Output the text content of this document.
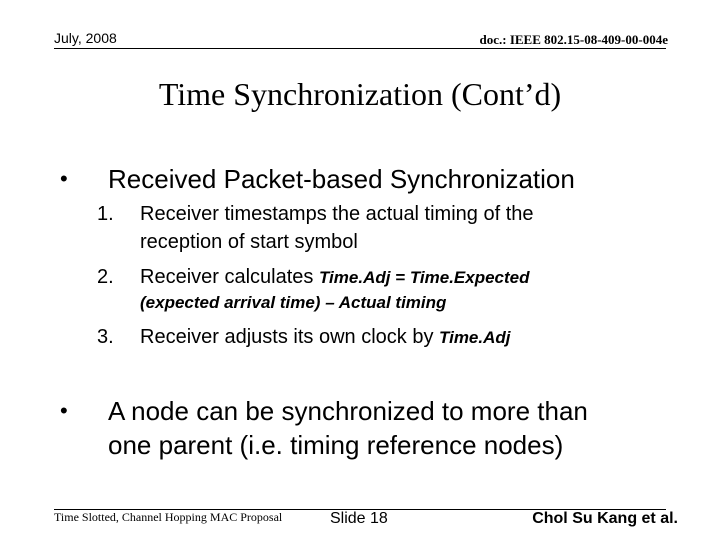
July, 2008	doc.: IEEE 802.15-08-409-00-004e
Time Synchronization (Cont’d)
• Received Packet-based Synchronization
1. Receiver timestamps the actual timing of the
reception of start symbol
2. Receiver calculates Time.Adj = Time.Expected
(expected arrival time) – Actual timing
3. Receiver adjusts its own clock by Time.Adj
• A node can be synchronized to more than
one parent (i.e. timing reference nodes)
Time Slotted, Channel Hopping MAC Proposal	Slide 18	Chol Su Kang et al.
